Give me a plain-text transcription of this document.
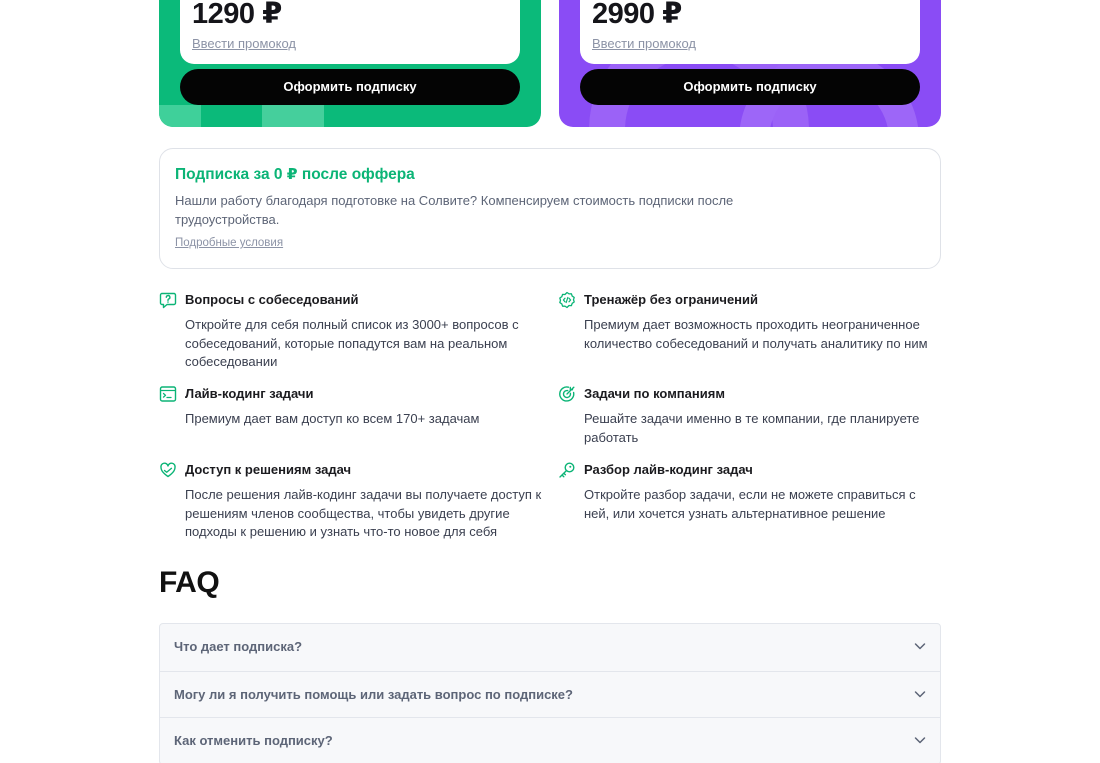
1290 ₽
Ввести промокод
Оформить подписку
2990 ₽
Ввести промокод
Оформить подписку
Подписка за 0 ₽ после оффера
Нашли работу благодаря подготовке на Солвите? Компенсируем стоимость подписки после трудоустройства.
Подробные условия
Вопросы с собеседований
Откройте для себя полный список из 3000+ вопросов с собеседований, которые попадутся вам на реальном собеседовании
Тренажёр без ограничений
Премиум дает возможность проходить неограниченное количество собеседований и получать аналитику по ним
Лайв-кодинг задачи
Премиум дает вам доступ ко всем 170+ задачам
Задачи по компаниям
Решайте задачи именно в те компании, где планируете работать
Доступ к решениям задач
После решения лайв-кодинг задачи вы получаете доступ к решениям членов сообщества, чтобы увидеть другие подходы к решению и узнать что-то новое для себя
Разбор лайв-кодинг задач
Откройте разбор задачи, если не можете справиться с ней, или хочется узнать альтернативное решение
FAQ
Что дает подписка?
Могу ли я получить помощь или задать вопрос по подписке?
Как отменить подписку?
